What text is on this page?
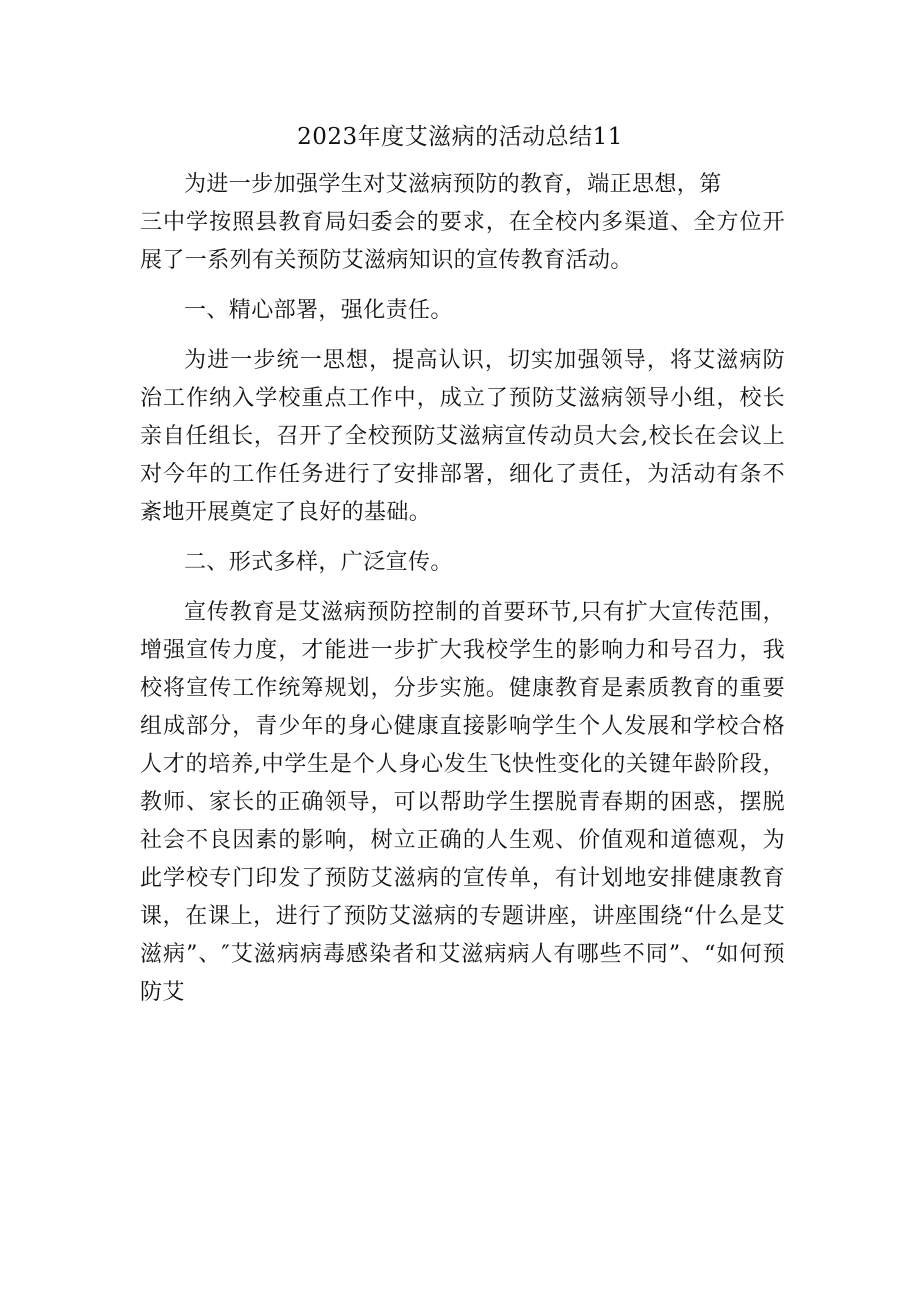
2023年度艾滋病的活动总结11

为进一步加强学生对艾滋病预防的教育，端正思想，第
三中学按照县教育局妇委会的要求，在全校内多渠道、全方位开展了一系列有关预防艾滋病知识的宣传教育活动。

一、精心部署，强化责任。

为进一步统一思想，提高认识，切实加强领导，将艾滋病防治工作纳入学校重点工作中，成立了预防艾滋病领导小组，校长亲自任组长，召开了全校预防艾滋病宣传动员大会,校长在会议上对今年的工作任务进行了安排部署，细化了责任，为活动有条不紊地开展奠定了良好的基础。

二、形式多样，广泛宣传。

宣传教育是艾滋病预防控制的首要环节,只有扩大宣传范围，增强宣传力度，才能进一步扩大我校学生的影响力和号召力，我校将宣传工作统筹规划，分步实施。健康教育是素质教育的重要组成部分，青少年的身心健康直接影响学生个人发展和学校合格人才的培养,中学生是个人身心发生飞快性变化的关键年龄阶段，教师、家长的正确领导，可以帮助学生摆脱青春期的困惑，摆脱社会不良因素的影响，树立正确的人生观、价值观和道德观，为此学校专门印发了预防艾滋病的宣传单，有计划地安排健康教育课，在课上，进行了预防艾滋病的专题讲座，讲座围绕“什么是艾滋病”、″艾滋病病毒感染者和艾滋病病人有哪些不同”、“如何预防艾
